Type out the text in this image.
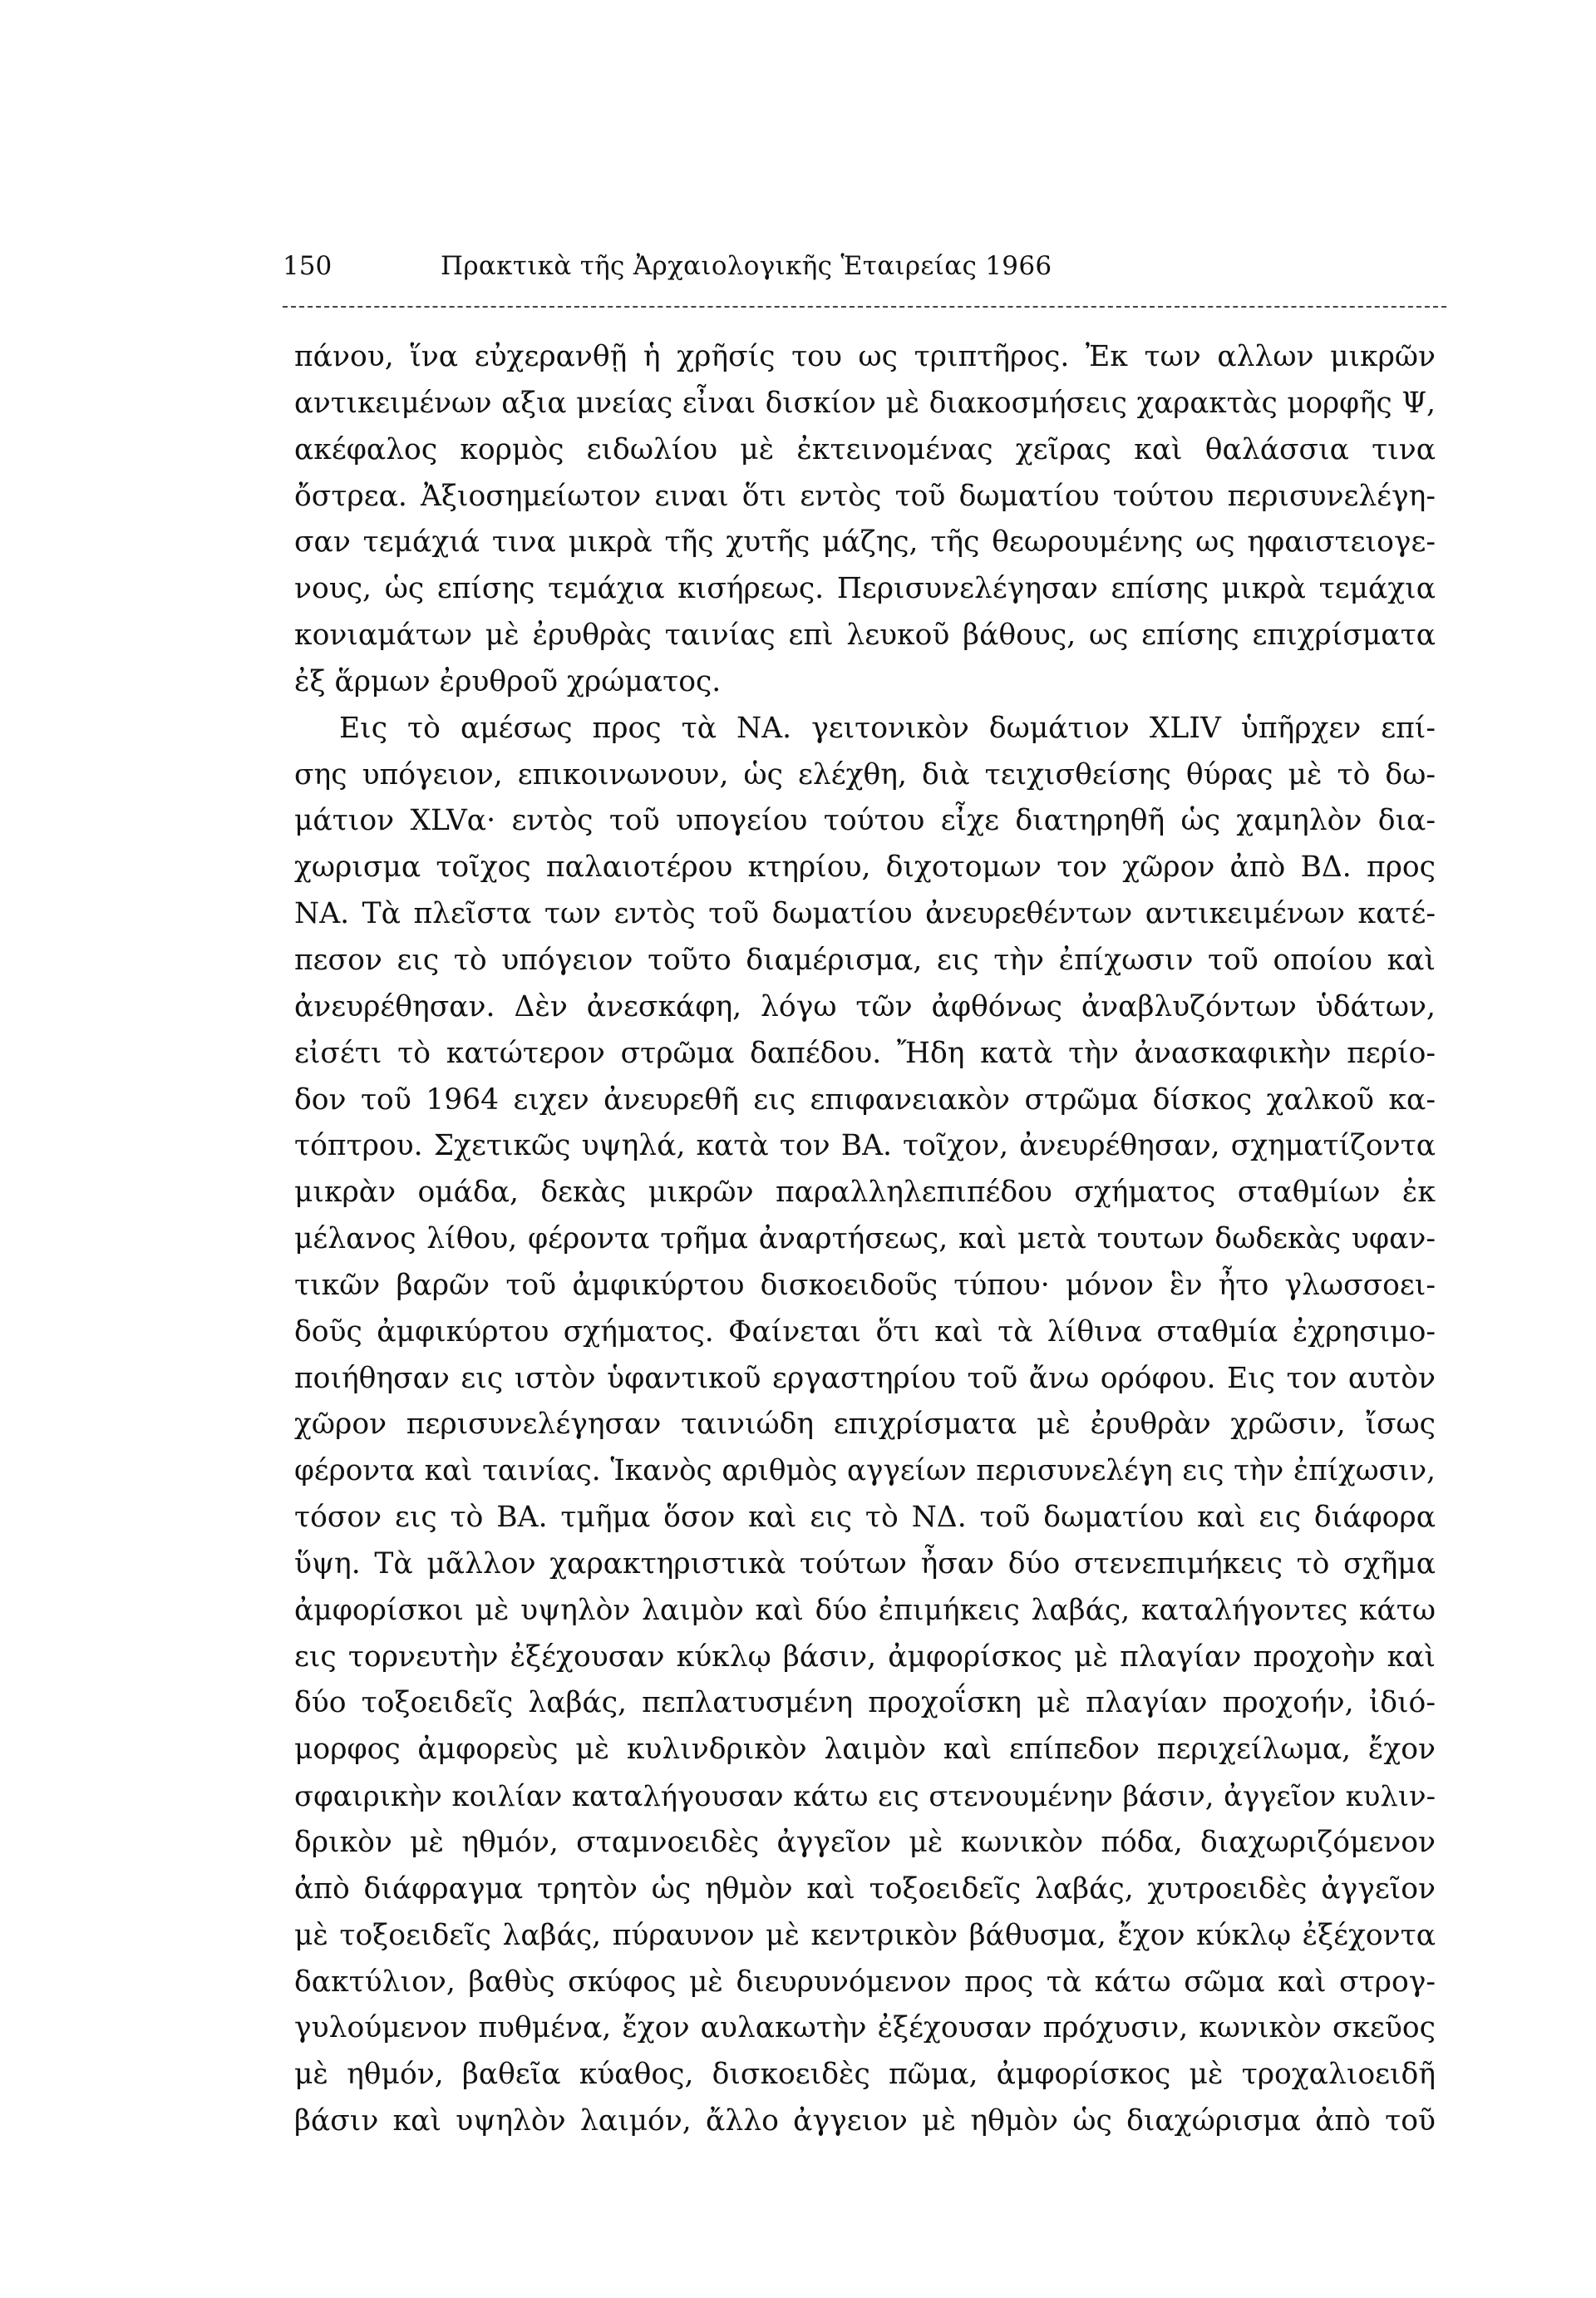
150	Πρακτικὰ τῆς Ἀρχαιολογικῆς Ἑταιρείας 1966
πάνου, ἵνα εὐχερανθῇ ἡ χρῆσίς του ως τριπτῆρος. Ἐκ των αλλων μικρῶν
αντικειμένων αξια μνείας εἶναι δισκίον μὲ διακοσμήσεις χαρακτὰς μορφῆς Ψ,
ακέφαλος κορμὸς ειδωλίου μὲ ἐκτεινομένας χεῖρας καὶ θαλάσσια τινα
ὄστρεα. Ἀξιοσημείωτον ειναι ὅτι εντὸς τοῦ δωματίου τούτου περισυνελέγη-
σαν τεμάχιά τινα μικρὰ τῆς χυτῆς μάζης, τῆς θεωρουμένης ως ηφαιστειογε-
νους, ὡς επίσης τεμάχια κισήρεως. Περισυνελέγησαν επίσης μικρὰ τεμάχια
κονιαμάτων μὲ ἐρυθρὰς ταινίας επὶ λευκοῦ βάθους, ως επίσης επιχρίσματα
ἐξ ἅρμων ἐρυθροῦ χρώματος.
Εις τὸ αμέσως προς τὰ ΝΑ. γειτονικὸν δωμάτιον XLIV ὑπῆρχεν επί-
σης υπόγειον, επικοινωνουν, ὡς ελέχθη, διὰ τειχισθείσης θύρας μὲ τὸ δω-
μάτιον XLVα· εντὸς τοῦ υπογείου τούτου εἶχε διατηρηθῆ ὡς χαμηλὸν δια-
χωρισμα τοῖχος παλαιοτέρου κτηρίου, διχοτομων τον χῶρον ἀπὸ ΒΔ. προς
ΝΑ. Τὰ πλεῖστα των εντὸς τοῦ δωματίου ἀνευρεθέντων αντικειμένων κατέ-
πεσον εις τὸ υπόγειον τοῦτο διαμέρισμα, εις τὴν ἐπίχωσιν τοῦ οποίου καὶ
ἀνευρέθησαν. Δὲν ἀνεσκάφη, λόγω τῶν ἀφθόνως ἀναβλυζόντων ὑδάτων,
εἰσέτι τὸ κατώτερον στρῶμα δαπέδου. Ἤδη κατὰ τὴν ἀνασκαφικὴν περίο-
δον τοῦ 1964 ειχεν ἀνευρεθῆ εις επιφανειακὸν στρῶμα δίσκος χαλκοῦ κα-
τόπτρου. Σχετικῶς υψηλά, κατὰ τον ΒΑ. τοῖχον, ἀνευρέθησαν, σχηματίζοντα
μικρὰν ομάδα, δεκὰς μικρῶν παραλληλεπιπέδου σχήματος σταθμίων ἐκ
μέλανος λίθου, φέροντα τρῆμα ἀναρτήσεως, καὶ μετὰ τουτων δωδεκὰς υφαν-
τικῶν βαρῶν τοῦ ἀμφικύρτου δισκοειδοῦς τύπου· μόνον ἓν ἦτο γλωσσοει-
δοῦς ἀμφικύρτου σχήματος. Φαίνεται ὅτι καὶ τὰ λίθινα σταθμία ἐχρησιμο-
ποιήθησαν εις ιστὸν ὑφαντικοῦ εργαστηρίου τοῦ ἄνω ορόφου. Εις τον αυτὸν
χῶρον περισυνελέγησαν ταινιώδη επιχρίσματα μὲ ἐρυθρὰν χρῶσιν, ἴσως
φέροντα καὶ ταινίας. Ἱκανὸς αριθμὸς αγγείων περισυνελέγη εις τὴν ἐπίχωσιν,
τόσον εις τὸ ΒΑ. τμῆμα ὅσον καὶ εις τὸ ΝΔ. τοῦ δωματίου καὶ εις διάφορα
ὕψη. Τὰ μᾶλλον χαρακτηριστικὰ τούτων ἦσαν δύο στενεπιμήκεις τὸ σχῆμα
ἀμφορίσκοι μὲ υψηλὸν λαιμὸν καὶ δύο ἐπιμήκεις λαβάς, καταλήγοντες κάτω
εις τορνευτὴν ἐξέχουσαν κύκλῳ βάσιν, ἀμφορίσκος μὲ πλαγίαν προχοὴν καὶ
δύο τοξοειδεῖς λαβάς, πεπλατυσμένη προχοΐσκη μὲ πλαγίαν προχοήν, ἰδιό-
μορφος ἀμφορεὺς μὲ κυλινδρικὸν λαιμὸν καὶ επίπεδον περιχείλωμα, ἔχον
σφαιρικὴν κοιλίαν καταλήγουσαν κάτω εις στενουμένην βάσιν, ἀγγεῖον κυλιν-
δρικὸν μὲ ηθμόν, σταμνοειδὲς ἀγγεῖον μὲ κωνικὸν πόδα, διαχωριζόμενον
ἀπὸ διάφραγμα τρητὸν ὡς ηθμὸν καὶ τοξοειδεῖς λαβάς, χυτροειδὲς ἀγγεῖον
μὲ τοξοειδεῖς λαβάς, πύραυνον μὲ κεντρικὸν βάθυσμα, ἔχον κύκλῳ ἐξέχοντα
δακτύλιον, βαθὺς σκύφος μὲ διευρυνόμενον προς τὰ κάτω σῶμα καὶ στρογ-
γυλούμενον πυθμένα, ἔχον αυλακωτὴν ἐξέχουσαν πρόχυσιν, κωνικὸν σκεῦος
μὲ ηθμόν, βαθεῖα κύαθος, δισκοειδὲς πῶμα, ἀμφορίσκος μὲ τροχαλιοειδῆ
βάσιν καὶ υψηλὸν λαιμόν, ἄλλο ἀγγειον μὲ ηθμὸν ὡς διαχώρισμα ἀπὸ τοῦ
